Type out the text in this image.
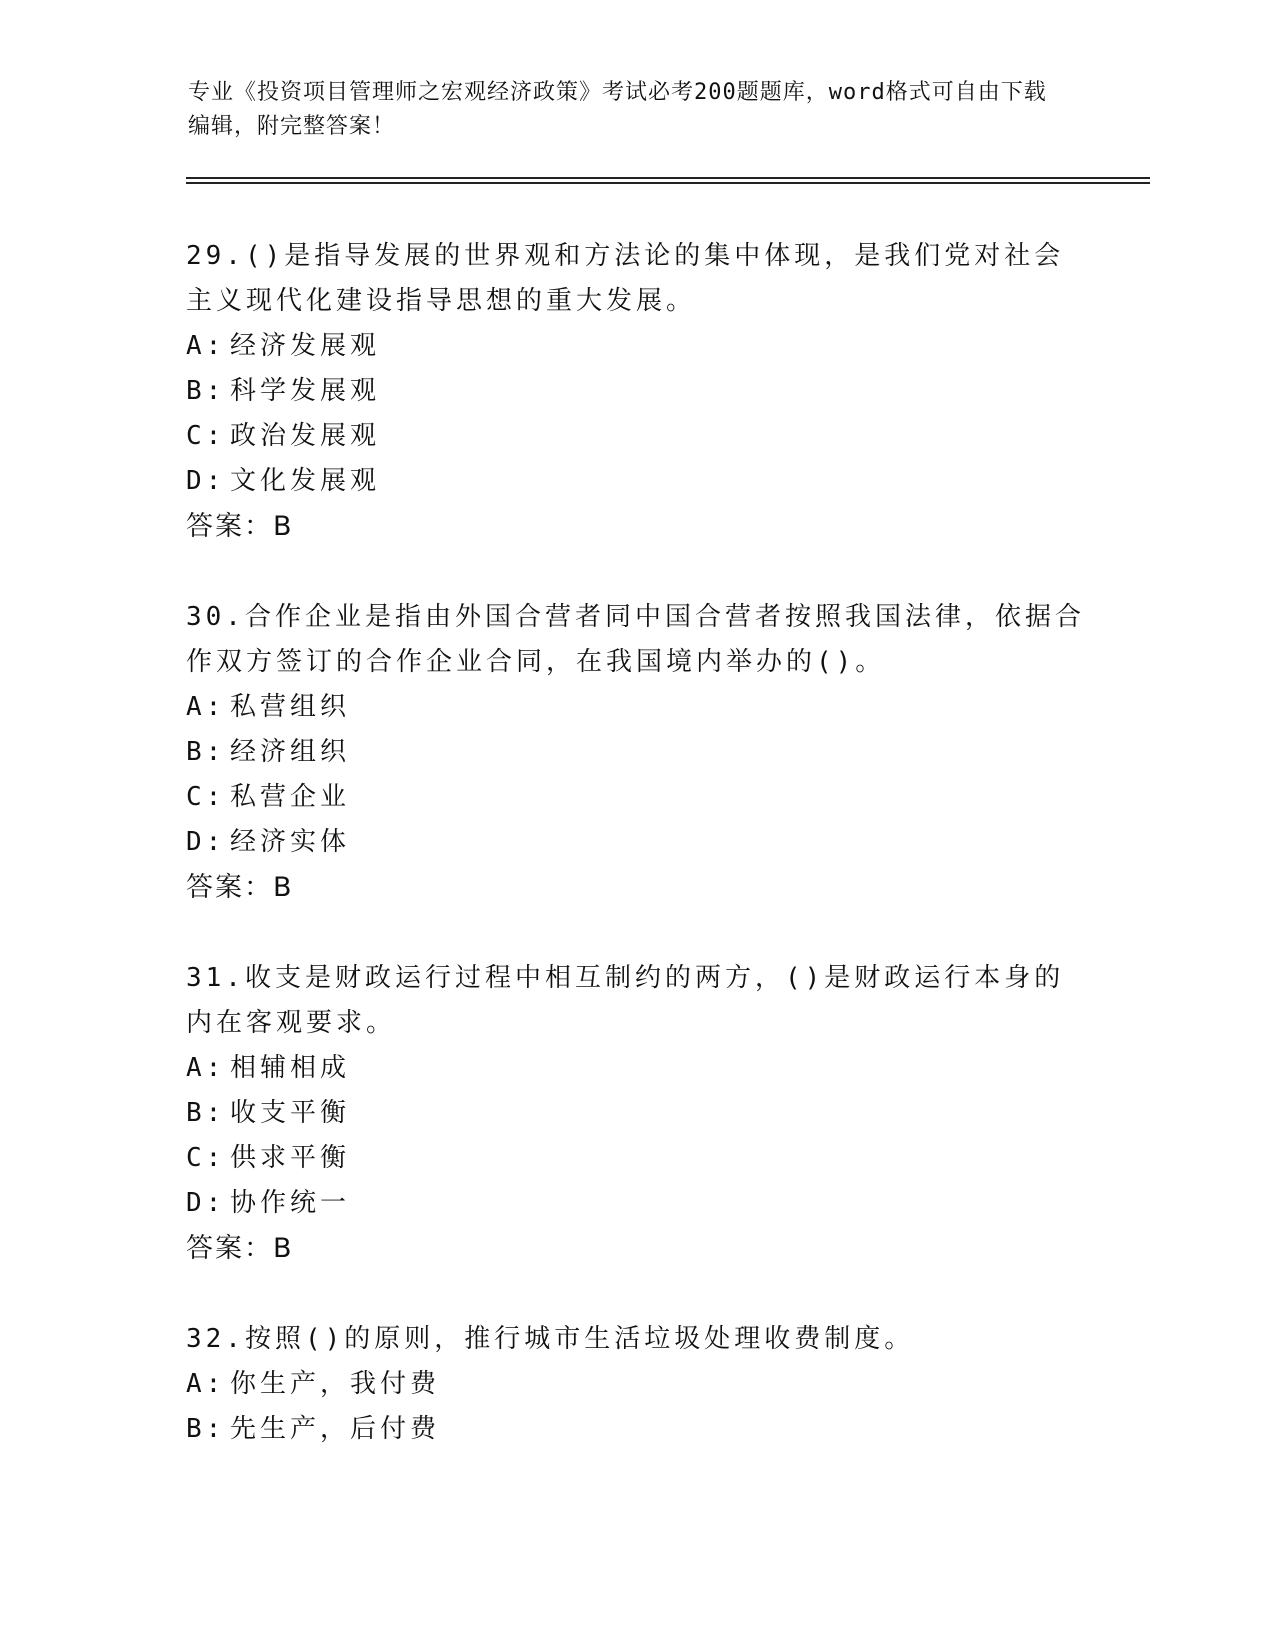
专业《投资项目管理师之宏观经济政策》考试必考200题题库，word格式可自由下载编辑，附完整答案！

29.()是指导发展的世界观和方法论的集中体现，是我们党对社会主义现代化建设指导思想的重大发展。

A: 经济发展观

B: 科学发展观

C: 政治发展观

D: 文化发展观

答案：B

30.合作企业是指由外国合营者同中国合营者按照我国法律，依据合作双方签订的合作企业合同，在我国境内举办的()。

A: 私营组织

B: 经济组织

C: 私营企业

D: 经济实体

答案：B

31.收支是财政运行过程中相互制约的两方，()是财政运行本身的内在客观要求。

A: 相辅相成

B: 收支平衡

C: 供求平衡

D: 协作统一

答案：B

32.按照()的原则，推行城市生活垃圾处理收费制度。

A: 你生产，我付费

B: 先生产，后付费
